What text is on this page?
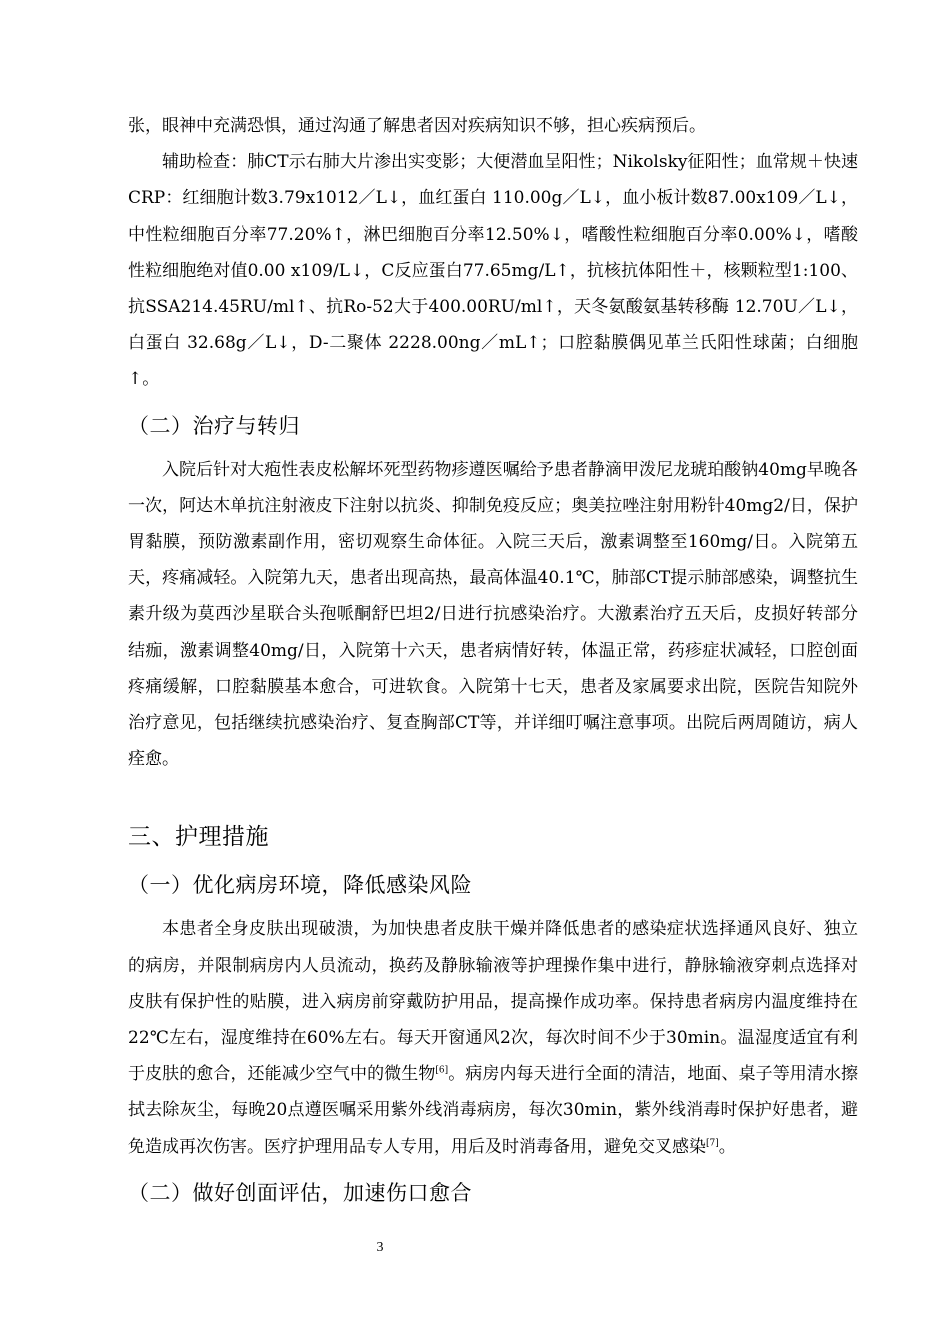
张，眼神中充满恐惧，通过沟通了解患者因对疾病知识不够，担心疾病预后。

辅助检查：肺CT示右肺大片渗出实变影；大便潜血呈阳性；Nikolsky征阳性；血常规＋快速CRP：红细胞计数3.79x1012／L↓，血红蛋白 110.00g／L↓，血小板计数87.00x109／L↓，中性粒细胞百分率77.20%↑，淋巴细胞百分率12.50%↓，嗜酸性粒细胞百分率0.00%↓，嗜酸性粒细胞绝对值0.00 x109/L↓，C反应蛋白77.65mg/L↑，抗核抗体阳性＋，核颗粒型1:100、抗SSA214.45RU/ml↑、抗Ro-52大于400.00RU/ml↑，天冬氨酸氨基转移酶 12.70U／L↓，白蛋白 32.68g／L↓，D-二聚体 2228.00ng／mL↑；口腔黏膜偶见革兰氏阳性球菌；白细胞↑。

（二）治疗与转归

入院后针对大疱性表皮松解坏死型药物疹遵医嘱给予患者静滴甲泼尼龙琥珀酸钠40mg早晚各一次，阿达木单抗注射液皮下注射以抗炎、抑制免疫反应；奥美拉唑注射用粉针40mg2/日，保护胃黏膜，预防激素副作用，密切观察生命体征。入院三天后，激素调整至160mg/日。入院第五天，疼痛减轻。入院第九天，患者出现高热，最高体温40.1℃，肺部CT提示肺部感染，调整抗生素升级为莫西沙星联合头孢哌酮舒巴坦2/日进行抗感染治疗。大激素治疗五天后，皮损好转部分结痂，激素调整40mg/日，入院第十六天，患者病情好转，体温正常，药疹症状减轻，口腔创面疼痛缓解，口腔黏膜基本愈合，可进软食。入院第十七天，患者及家属要求出院，医院告知院外治疗意见，包括继续抗感染治疗、复查胸部CT等，并详细叮嘱注意事项。出院后两周随访，病人痊愈。

三、护理措施
（一）优化病房环境，降低感染风险

本患者全身皮肤出现破溃，为加快患者皮肤干燥并降低患者的感染症状选择通风良好、独立的病房，并限制病房内人员流动，换药及静脉输液等护理操作集中进行，静脉输液穿刺点选择对皮肤有保护性的贴膜，进入病房前穿戴防护用品，提高操作成功率。保持患者病房内温度维持在22℃左右，湿度维持在60%左右。每天开窗通风2次，每次时间不少于30min。温湿度适宜有利于皮肤的愈合，还能减少空气中的微生物[6]。病房内每天进行全面的清洁，地面、桌子等用清水擦拭去除灰尘，每晚20点遵医嘱采用紫外线消毒病房，每次30min，紫外线消毒时保护好患者，避免造成再次伤害。医疗护理用品专人专用，用后及时消毒备用，避免交叉感染[7]。

（二）做好创面评估，加速伤口愈合
3
